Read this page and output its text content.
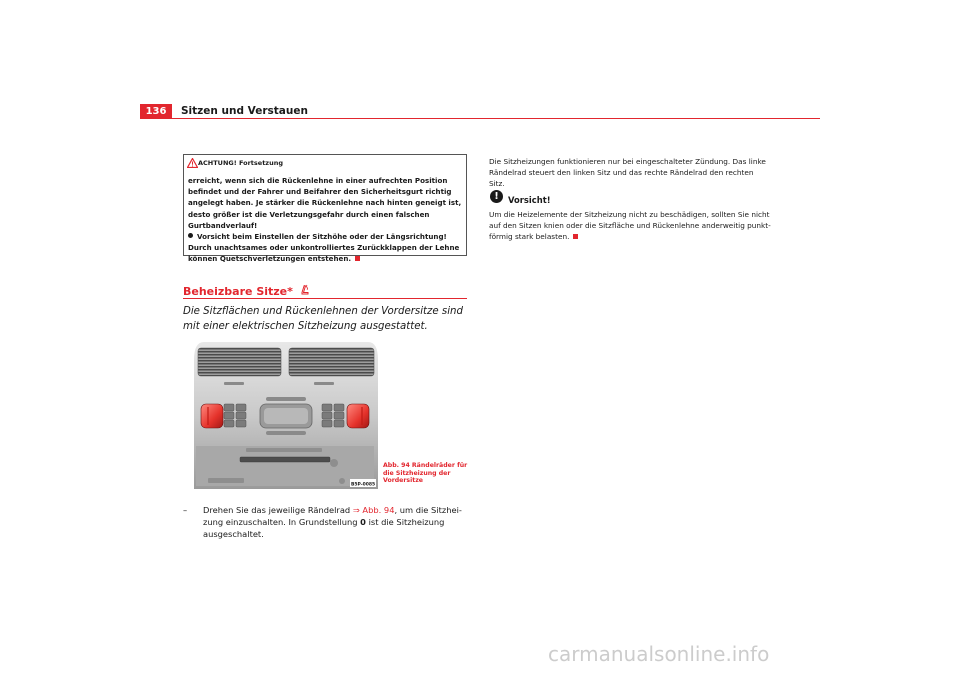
136	Sitzen und Verstauen
ACHTUNG! Fortsetzung
erreicht, wenn sich die Rückenlehne in einer aufrechten Position befindet und der Fahrer und Beifahrer den Sicherheitsgurt richtig angelegt haben. Je stärker die Rückenlehne nach hinten geneigt ist, desto größer ist die Verletzungsgefahr durch einen falschen Gurtbandverlauf!
Vorsicht beim Einstellen der Sitzhöhe oder der Längsrichtung! Durch unachtsames oder unkontrolliertes Zurückklappen der Lehne können Quetschverletzungen entstehen.
Beheizbare Sitze*
Die Sitzflächen und Rückenlehnen der Vordersitze sind mit einer elektrischen Sitzheizung ausgestattet.
B5P-0085
Abb. 94 Rändelräder für die Sitzheizung der Vordersitze
– Drehen Sie das jeweilige Rändelrad ⇒ Abb. 94, um die Sitzheizung einzuschalten. In Grundstellung 0 ist die Sitzheizung ausgeschaltet.
Die Sitzheizungen funktionieren nur bei eingeschalteter Zündung. Das linke Rändelrad steuert den linken Sitz und das rechte Rändelrad den rechten Sitz.
!	Vorsicht!
Um die Heizelemente der Sitzheizung nicht zu beschädigen, sollten Sie nicht auf den Sitzen knien oder die Sitzfläche und Rückenlehne anderweitig punktförmig stark belasten.
carmanualsonline.info
